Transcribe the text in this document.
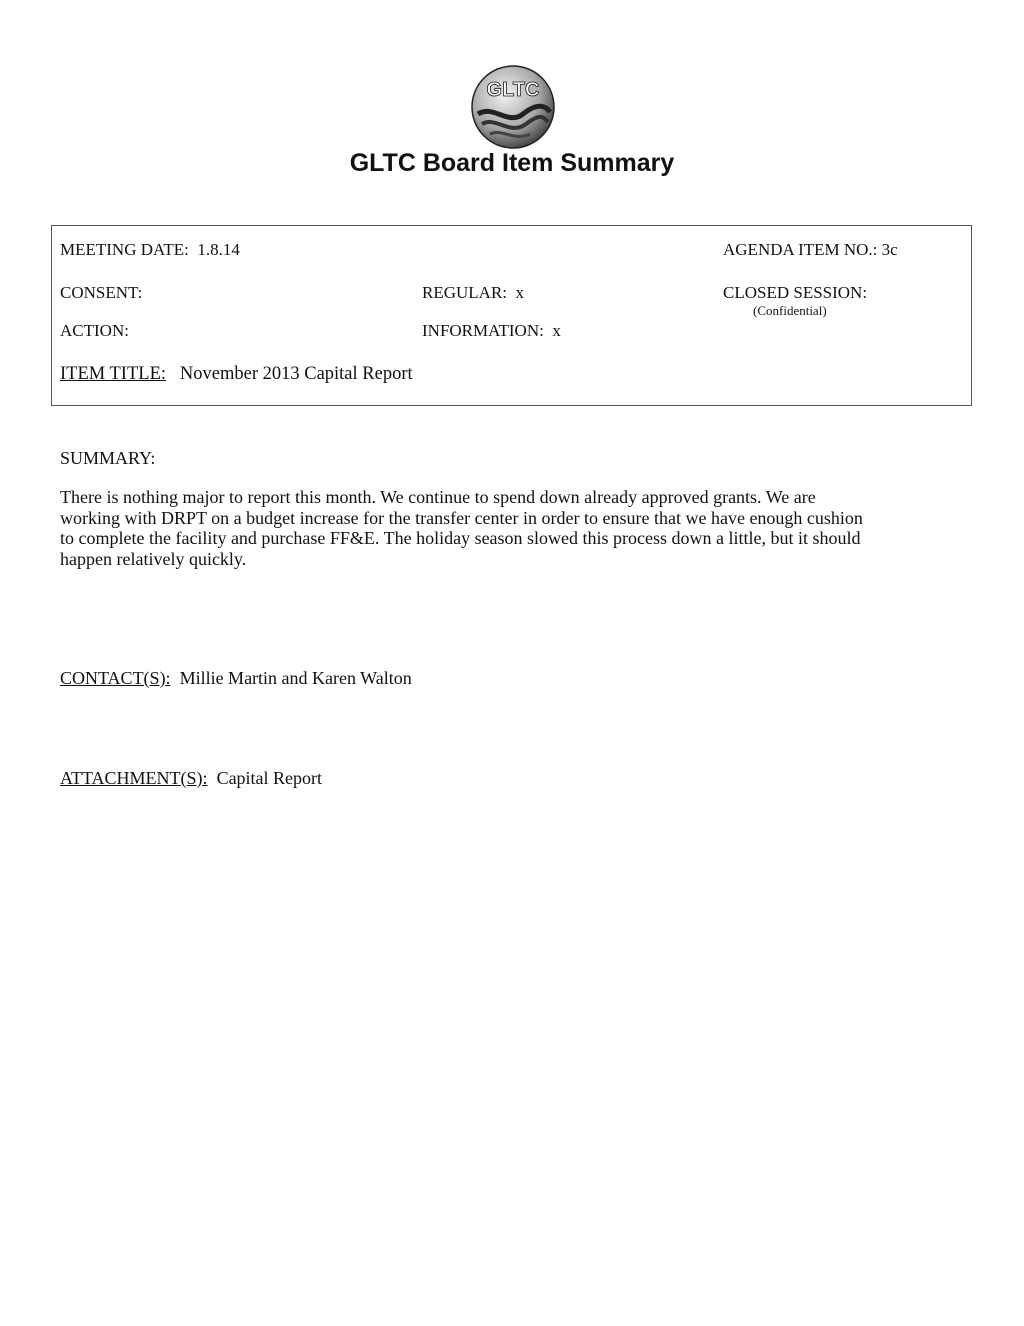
GLTC
GLTC Board Item Summary
MEETING DATE: 1.8.14	AGENDA ITEM NO.: 3c
CONSENT:	REGULAR: x	CLOSED SESSION:
(Confidential)
ACTION:	INFORMATION: x
ITEM TITLE: November 2013 Capital Report
SUMMARY:
There is nothing major to report this month. We continue to spend down already approved grants. We are
working with DRPT on a budget increase for the transfer center in order to ensure that we have enough cushion
to complete the facility and purchase FF&E. The holiday season slowed this process down a little, but it should
happen relatively quickly.
CONTACT(S): Millie Martin and Karen Walton
ATTACHMENT(S): Capital Report
